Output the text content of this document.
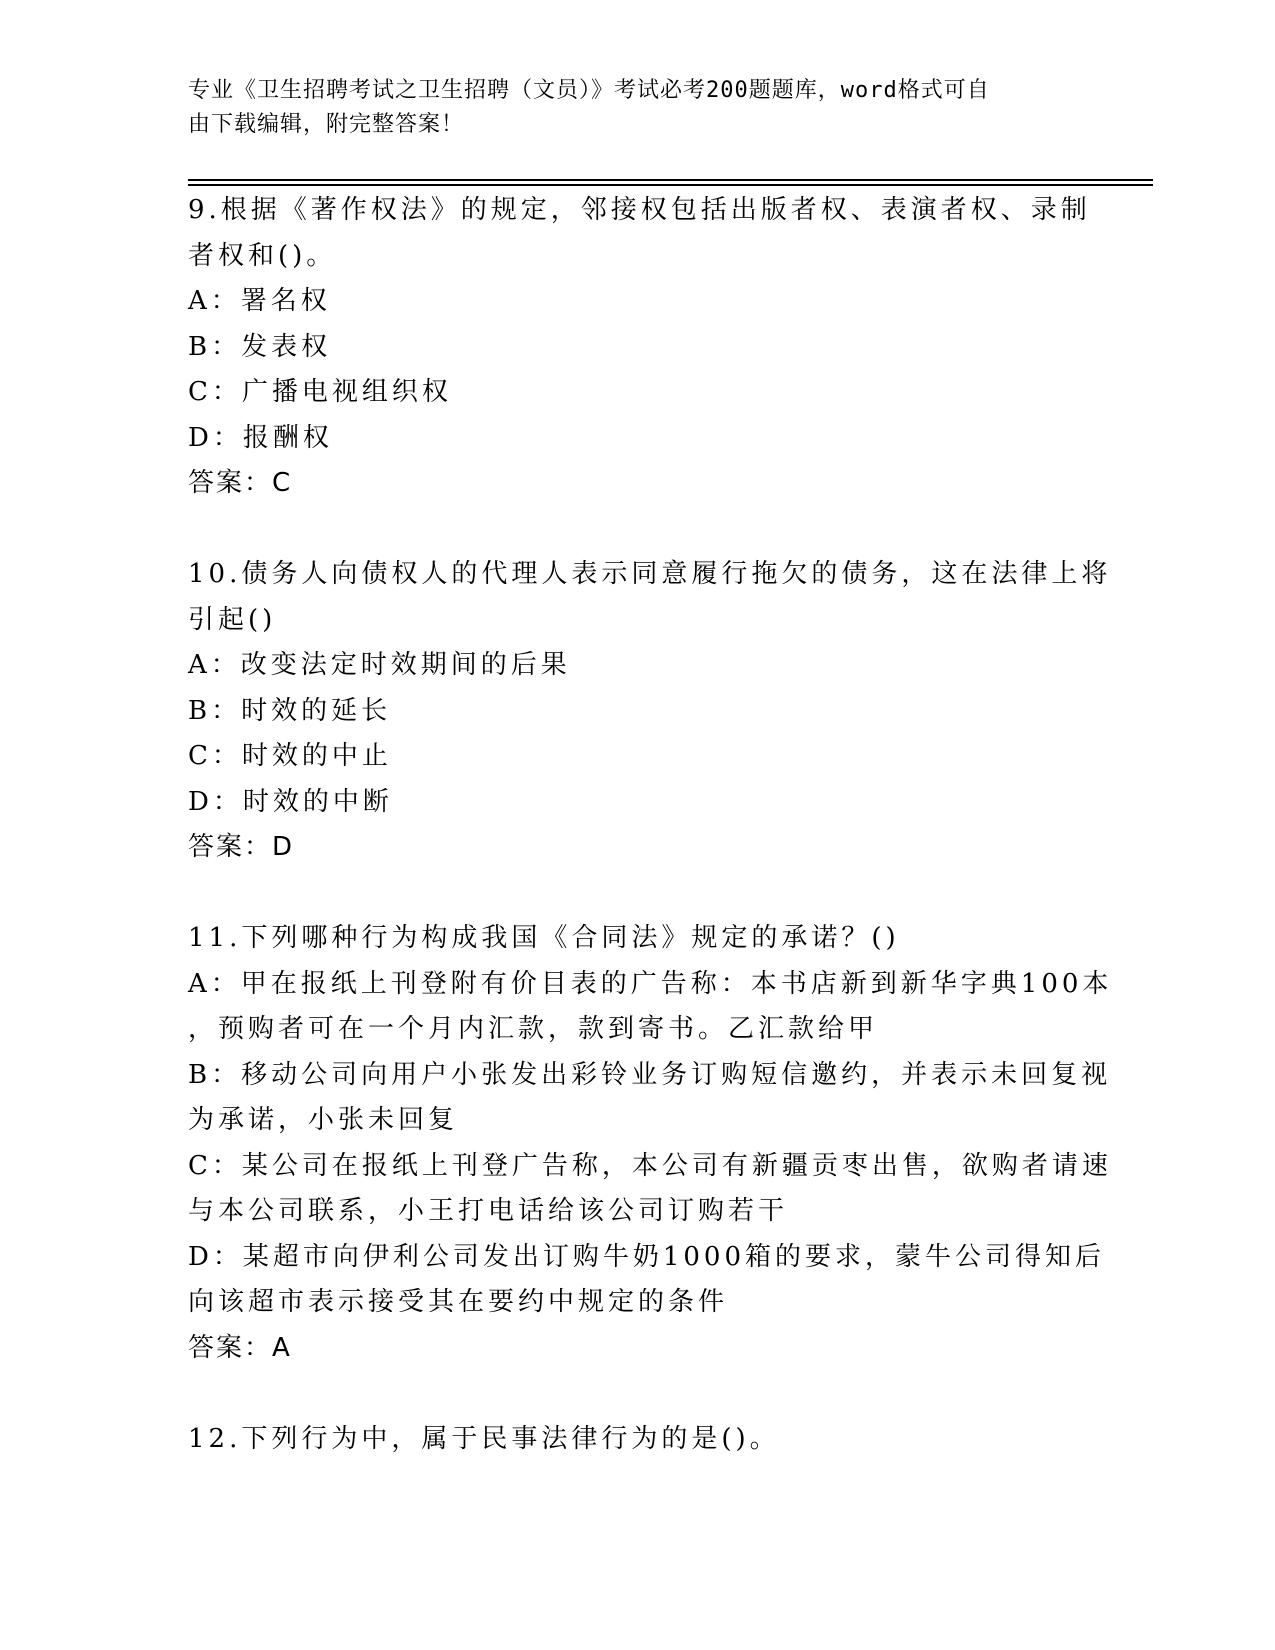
专业《卫生招聘考试之卫生招聘（文员）》考试必考200题题库，word格式可自
由下载编辑，附完整答案！
9.根据《著作权法》的规定，邻接权包括出版者权、表演者权、录制
者权和()。
A：署名权
B：发表权
C：广播电视组织权
D：报酬权
答案：C
10.债务人向债权人的代理人表示同意履行拖欠的债务，这在法律上将
引起()
A：改变法定时效期间的后果
B：时效的延长
C：时效的中止
D：时效的中断
答案：D
11.下列哪种行为构成我国《合同法》规定的承诺？()
A：甲在报纸上刊登附有价目表的广告称：本书店新到新华字典100本
，预购者可在一个月内汇款，款到寄书。乙汇款给甲
B：移动公司向用户小张发出彩铃业务订购短信邀约，并表示未回复视
为承诺，小张未回复
C：某公司在报纸上刊登广告称，本公司有新疆贡枣出售，欲购者请速
与本公司联系，小王打电话给该公司订购若干
D：某超市向伊利公司发出订购牛奶1000箱的要求，蒙牛公司得知后
向该超市表示接受其在要约中规定的条件
答案：A
12.下列行为中，属于民事法律行为的是()。
